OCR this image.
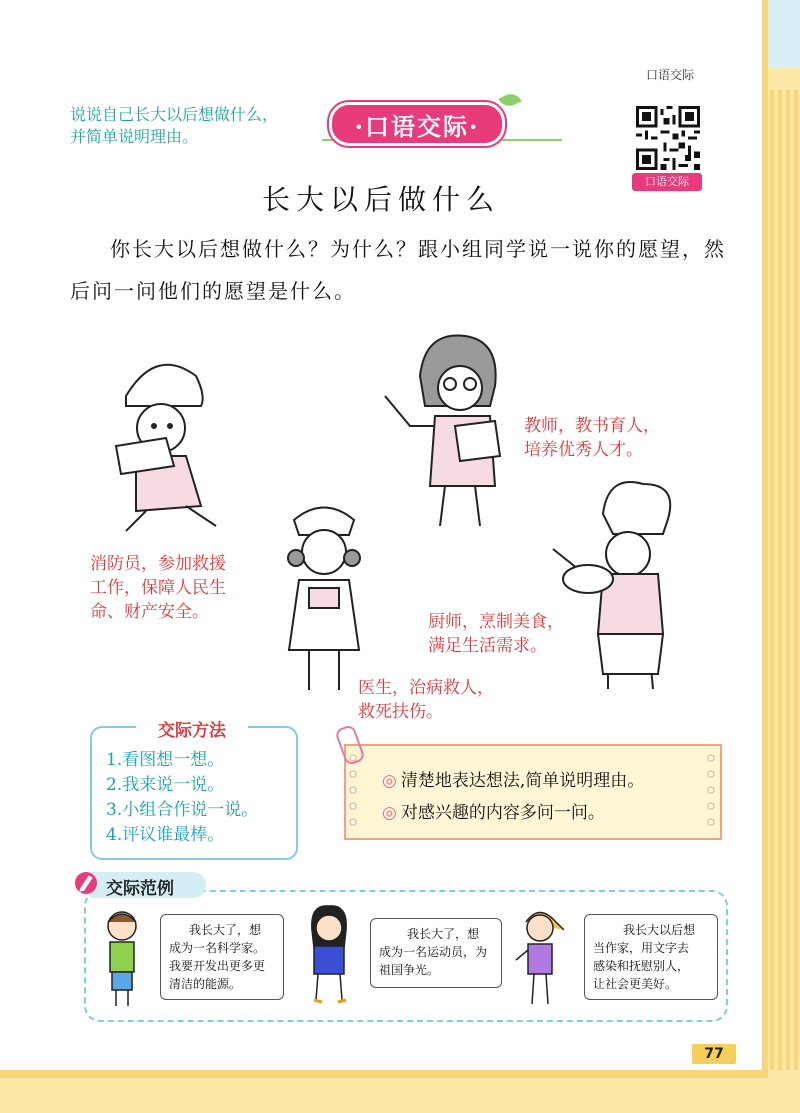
口语交际
说说自己长大以后想做什么，并简单说明理由。	·口语交际·
口语交际
长大以后做什么
你长大以后想做什么？为什么？跟小组同学说一说你的愿望，然后问一问他们的愿望是什么。
消防员，参加救援
工作，保障人民生
命、财产安全。
教师，教书育人，
培养优秀人才。
厨师，烹制美食，
满足生活需求。
医生，治病救人，
救死扶伤。
交际方法
1.看图想一想。
2.我来说一说。
3.小组合作说一说。
4.评议谁最棒。
◎ 清楚地表达想法,简单说明理由。
◎ 对感兴趣的内容多问一问。
交际范例
我长大了，想
成为一名科学家。
我要开发出更多更
清洁的能源。
我长大了，想
成为一名运动员，为
祖国争光。
我长大以后想
当作家，用文字去
感染和抚慰别人，
让社会更美好。
77
